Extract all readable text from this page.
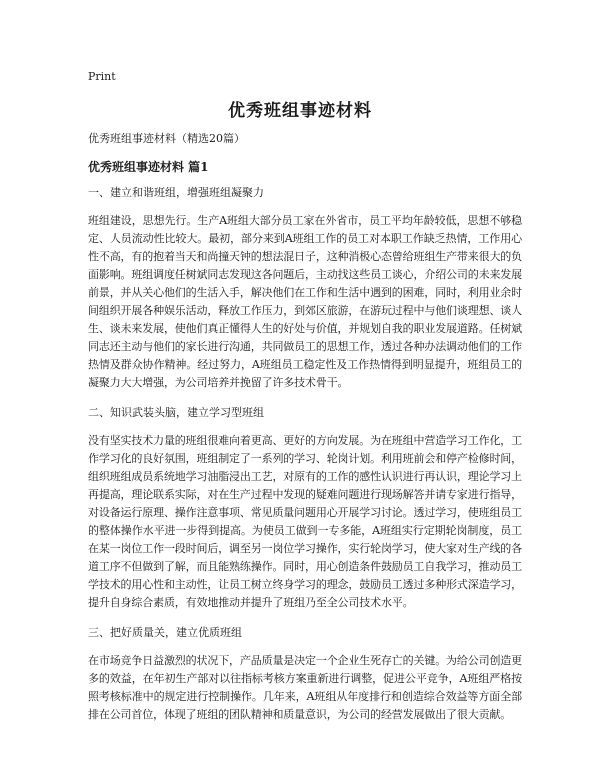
Print
优秀班组事迹材料
优秀班组事迹材料（精选20篇）
优秀班组事迹材料 篇1
一、建立和谐班组，增强班组凝聚力
班组建设，思想先行。生产A班组大部分员工家在外省市，员工平均年龄较低，思想不够稳定、人员流动性比较大。最初，部分来到A班组工作的员工对本职工作缺乏热情，工作用心性不高，有的抱着当天和尚撞天钟的想法混日子，这种消极心态曾给班组生产带来很大的负面影响。班组调度任树斌同志发现这各问题后，主动找这些员工谈心，介绍公司的未来发展前景，并从关心他们的生活入手，解决他们在工作和生活中遇到的困难，同时，利用业余时间组织开展各种娱乐活动，释放工作压力，到郊区旅游，在游玩过程中与他们谈理想、谈人生、谈未来发展，使他们真正懂得人生的好处与价值，并规划自我的职业发展道路。任树斌同志还主动与他们的家长进行沟通，共同做员工的思想工作，透过各种办法调动他们的工作热情及群众协作精神。经过努力，A班组员工稳定性及工作热情得到明显提升，班组员工的凝聚力大大增强，为公司培养并挽留了许多技术骨干。
二、知识武装头脑，建立学习型班组
没有坚实技术力量的班组很难向着更高、更好的方向发展。为在班组中营造学习工作化，工作学习化的良好氛围，班组制定了一系列的学习、轮岗计划。利用班前会和停产检修时间，组织班组成员系统地学习油脂浸出工艺，对原有的工作的感性认识进行再认识，理论学习上再提高，理论联系实际，对在生产过程中发现的疑难问题进行现场解答并请专家进行指导，对设备运行原理、操作注意事项、常见质量问题用心开展学习讨论。透过学习，使班组员工的整体操作水平进一步得到提高。为使员工做到一专多能，A班组实行定期轮岗制度，员工在某一岗位工作一段时间后，调至另一岗位学习操作，实行轮岗学习，使大家对生产线的各道工序不但做到了解，而且能熟练操作。同时，用心创造条件鼓励员工自我学习，推动员工学技术的用心性和主动性，让员工树立终身学习的理念，鼓励员工透过多种形式深造学习，提升自身综合素质，有效地推动并提升了班组乃至全公司技术水平。
三、把好质量关，建立优质班组
在市场竞争日益激烈的状况下，产品质量是决定一个企业生死存亡的关键。为给公司创造更多的效益，在年初生产部对以往指标考核方案重新进行调整，促进公平竞争，A班组严格按照考核标准中的规定进行控制操作。几年来，A班组从年度排行和创造综合效益等方面全部排在公司首位，体现了班组的团队精神和质量意识，为公司的经营发展做出了很大贡献。
